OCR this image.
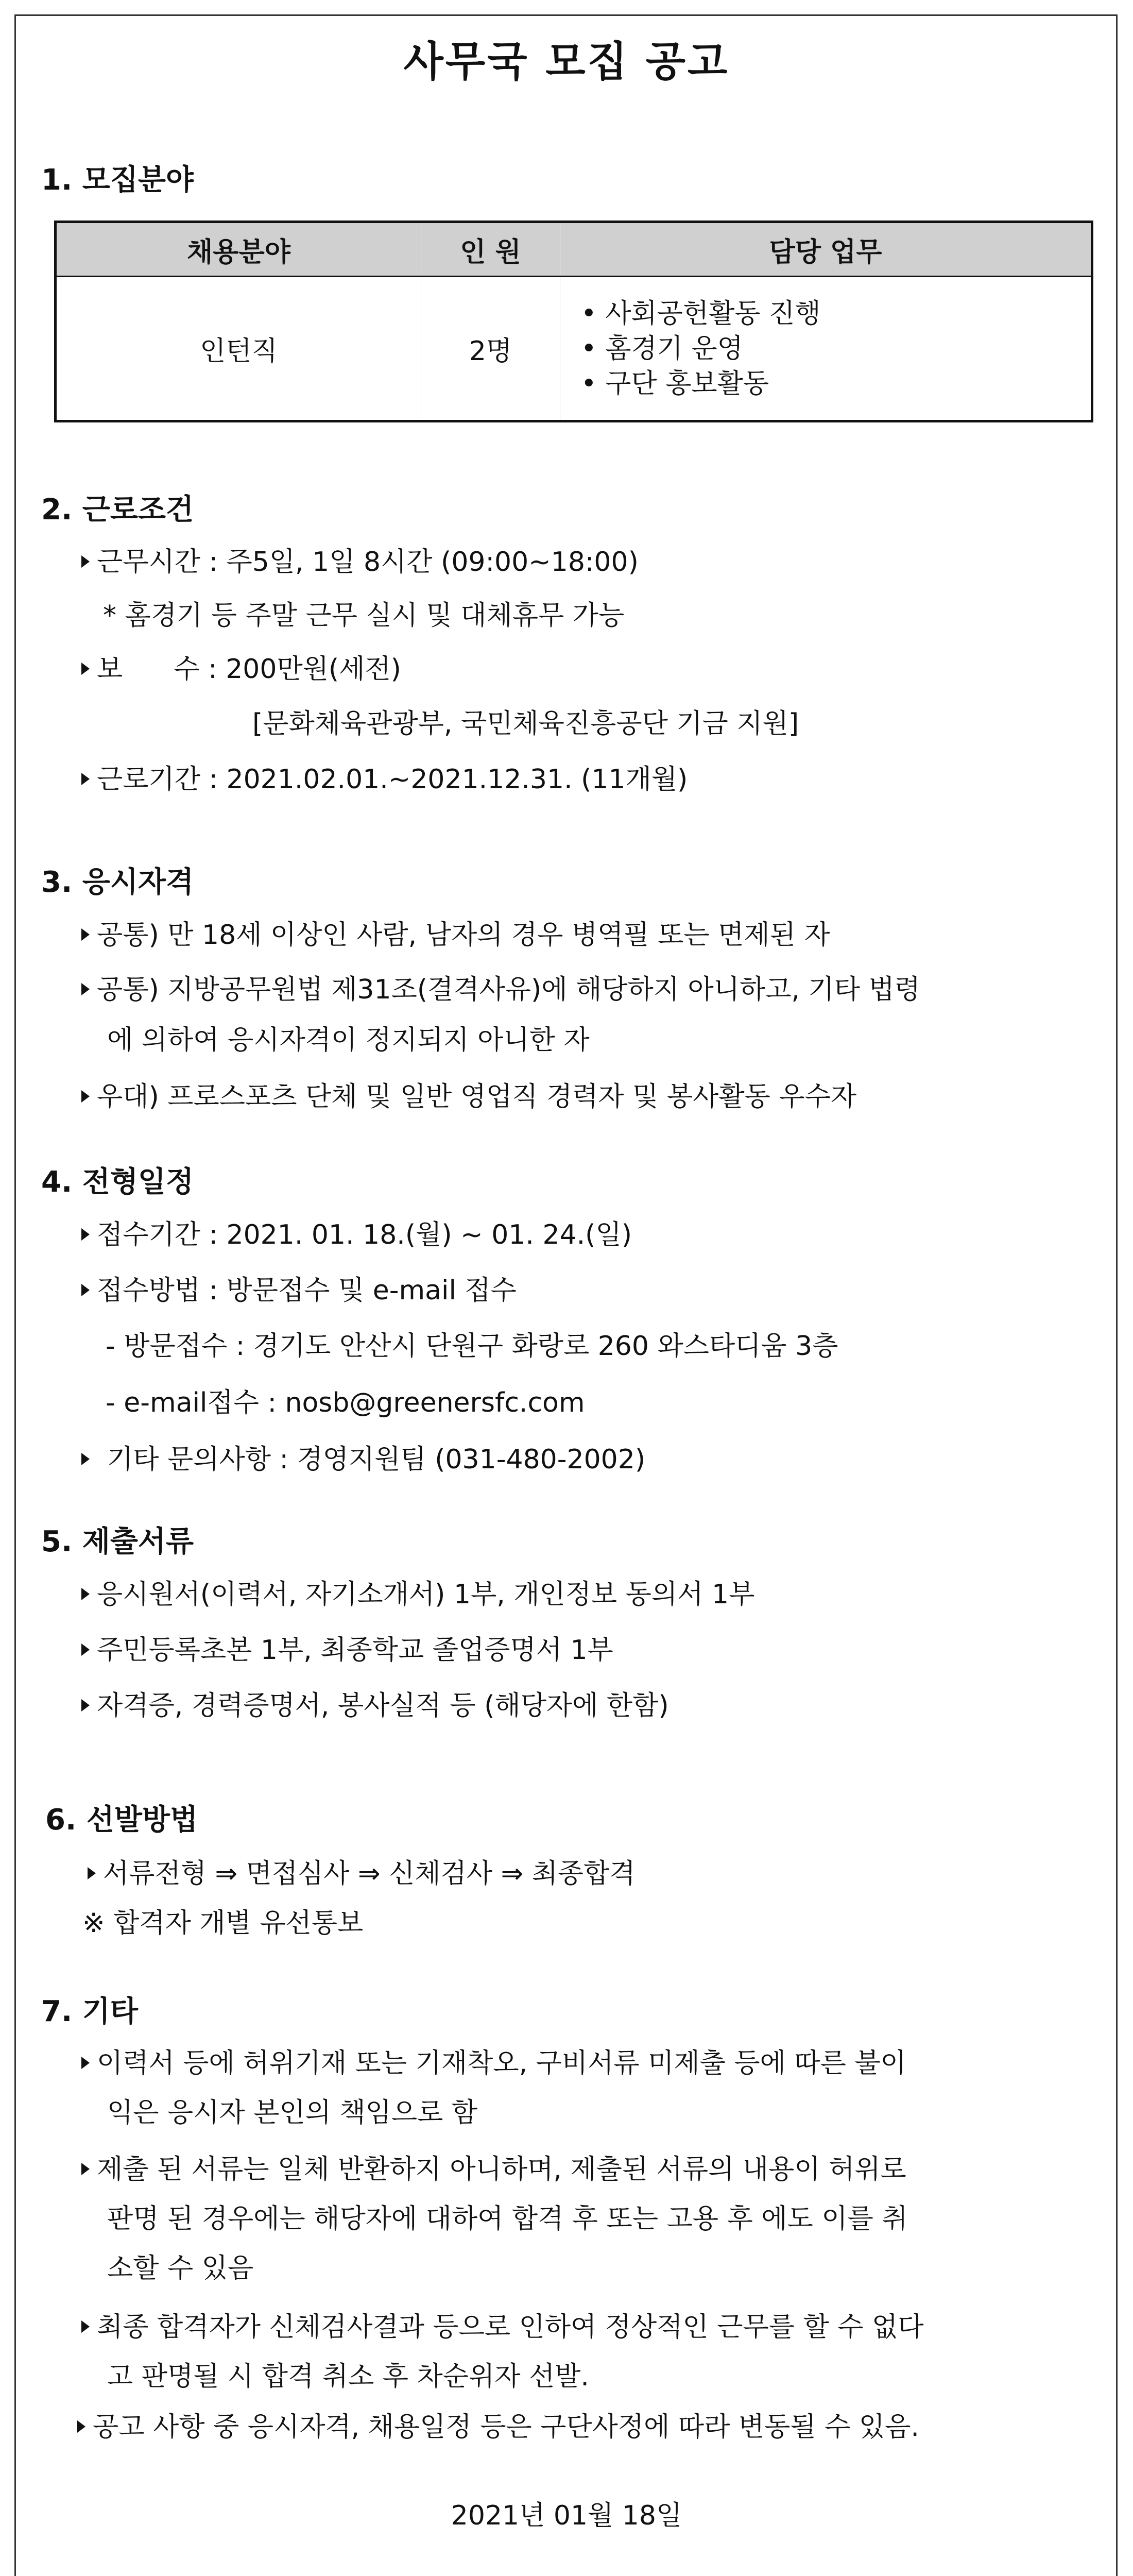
사무국 모집 공고
1. 모집분야
채용분야	인 원	담당 업무
인턴직	2명	• 사회공헌활동 진행
• 홈경기 운영
• 구단 홍보활동
2. 근로조건
근무시간 : 주5일, 1일 8시간 (09:00~18:00)
* 홈경기 등 주말 근무 실시 및 대체휴무 가능
보      수 : 200만원(세전)
[문화체육관광부, 국민체육진흥공단 기금 지원]
근로기간 : 2021.02.01.~2021.12.31. (11개월)
3. 응시자격
공통) 만 18세 이상인 사람, 남자의 경우 병역필 또는 면제된 자
공통) 지방공무원법 제31조(결격사유)에 해당하지 아니하고, 기타 법령
에 의하여 응시자격이 정지되지 아니한 자
우대) 프로스포츠 단체 및 일반 영업직 경력자 및 봉사활동 우수자
4. 전형일정
접수기간 : 2021. 01. 18.(월) ~ 01. 24.(일)
접수방법 : 방문접수 및 e-mail 접수
- 방문접수 : 경기도 안산시 단원구 화랑로 260 와스타디움 3층
- e-mail접수 : nosb@greenersfc.com
기타 문의사항 : 경영지원팀 (031-480-2002)
5. 제출서류
응시원서(이력서, 자기소개서) 1부, 개인정보 동의서 1부
주민등록초본 1부, 최종학교 졸업증명서 1부
자격증, 경력증명서, 봉사실적 등 (해당자에 한함)
6. 선발방법
서류전형 ⇒ 면접심사 ⇒ 신체검사 ⇒ 최종합격
※ 합격자 개별 유선통보
7. 기타
이력서 등에 허위기재 또는 기재착오, 구비서류 미제출 등에 따른 불이
익은 응시자 본인의 책임으로 함
제출 된 서류는 일체 반환하지 아니하며, 제출된 서류의 내용이 허위로
판명 된 경우에는 해당자에 대하여 합격 후 또는 고용 후 에도 이를 취
소할 수 있음
최종 합격자가 신체검사결과 등으로 인하여 정상적인 근무를 할 수 없다
고 판명될 시 합격 취소 후 차순위자 선발.
공고 사항 중 응시자격, 채용일정 등은 구단사정에 따라 변동될 수 있음.
2021년 01월 18일
